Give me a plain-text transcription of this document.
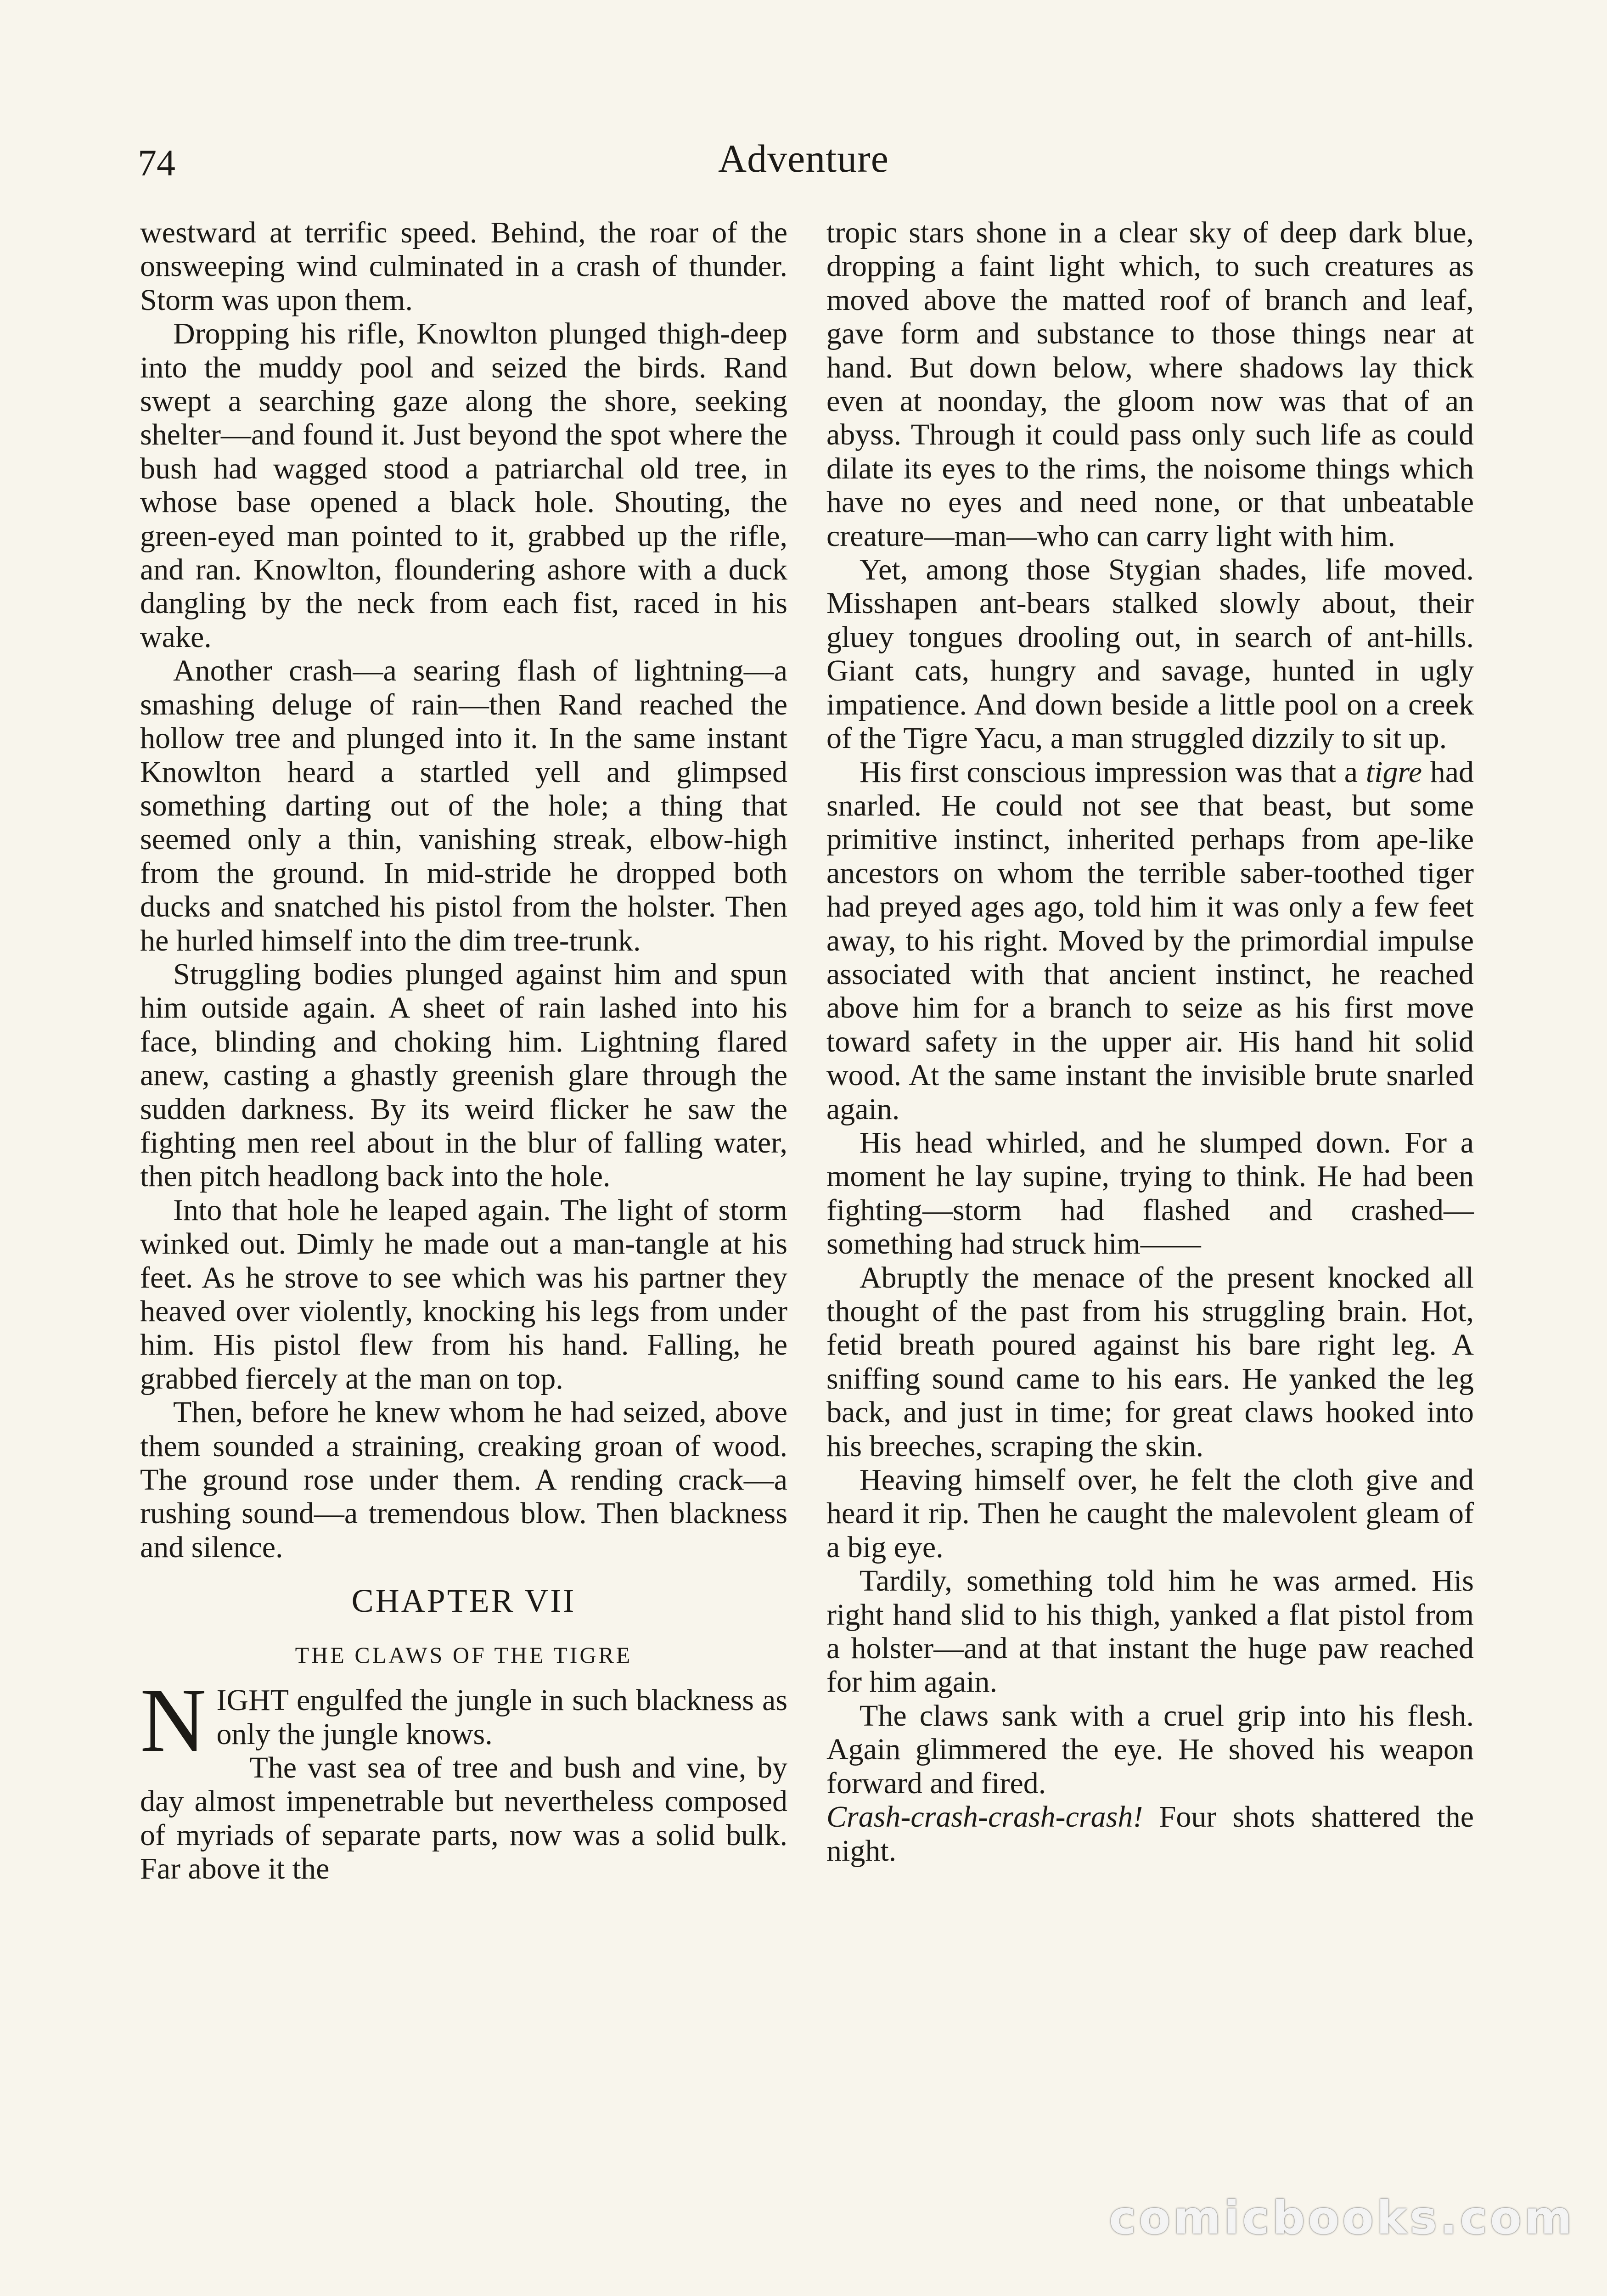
74	Adventure

westward at terrific speed. Behind, the roar of the onsweeping wind culminated in a crash of thunder. Storm was upon them.

Dropping his rifle, Knowlton plunged thigh-deep into the muddy pool and seized the birds. Rand swept a searching gaze along the shore, seeking shelter—and found it. Just beyond the spot where the bush had wagged stood a patriarchal old tree, in whose base opened a black hole. Shouting, the green-eyed man pointed to it, grabbed up the rifle, and ran. Knowlton, floundering ashore with a duck dangling by the neck from each fist, raced in his wake.

Another crash—a searing flash of lightning—a smashing deluge of rain—then Rand reached the hollow tree and plunged into it. In the same instant Knowlton heard a startled yell and glimpsed something darting out of the hole; a thing that seemed only a thin, vanishing streak, elbow-high from the ground. In mid-stride he dropped both ducks and snatched his pistol from the holster. Then he hurled himself into the dim tree-trunk.

Struggling bodies plunged against him and spun him outside again. A sheet of rain lashed into his face, blinding and choking him. Lightning flared anew, casting a ghastly greenish glare through the sudden darkness. By its weird flicker he saw the fighting men reel about in the blur of falling water, then pitch headlong back into the hole.

Into that hole he leaped again. The light of storm winked out. Dimly he made out a man-tangle at his feet. As he strove to see which was his partner they heaved over violently, knocking his legs from under him. His pistol flew from his hand. Falling, he grabbed fiercely at the man on top.

Then, before he knew whom he had seized, above them sounded a straining, creaking groan of wood. The ground rose under them. A rending crack—a rushing sound—a tremendous blow. Then blackness and silence.

CHAPTER VII
THE CLAWS OF THE TIGRE

NIGHT engulfed the jungle in such blackness as only the jungle knows.

The vast sea of tree and bush and vine, by day almost impenetrable but nevertheless composed of myriads of separate parts, now was a solid bulk. Far above it the

tropic stars shone in a clear sky of deep dark blue, dropping a faint light which, to such creatures as moved above the matted roof of branch and leaf, gave form and substance to those things near at hand. But down below, where shadows lay thick even at noonday, the gloom now was that of an abyss. Through it could pass only such life as could dilate its eyes to the rims, the noisome things which have no eyes and need none, or that unbeatable creature—man—who can carry light with him.

Yet, among those Stygian shades, life moved. Misshapen ant-bears stalked slowly about, their gluey tongues drooling out, in search of ant-hills. Giant cats, hungry and savage, hunted in ugly impatience. And down beside a little pool on a creek of the Tigre Yacu, a man struggled dizzily to sit up.

His first conscious impression was that a tigre had snarled. He could not see that beast, but some primitive instinct, inherited perhaps from ape-like ancestors on whom the terrible saber-toothed tiger had preyed ages ago, told him it was only a few feet away, to his right. Moved by the primordial impulse associated with that ancient instinct, he reached above him for a branch to seize as his first move toward safety in the upper air. His hand hit solid wood. At the same instant the invisible brute snarled again.

His head whirled, and he slumped down. For a moment he lay supine, trying to think. He had been fighting—storm had flashed and crashed—something had struck him——

Abruptly the menace of the present knocked all thought of the past from his struggling brain. Hot, fetid breath poured against his bare right leg. A sniffing sound came to his ears. He yanked the leg back, and just in time; for great claws hooked into his breeches, scraping the skin.

Heaving himself over, he felt the cloth give and heard it rip. Then he caught the malevolent gleam of a big eye.

Tardily, something told him he was armed. His right hand slid to his thigh, yanked a flat pistol from a holster—and at that instant the huge paw reached for him again.

The claws sank with a cruel grip into his flesh. Again glimmered the eye. He shoved his weapon forward and fired.

Crash-crash-crash-crash! Four shots shattered the night.

comicbooks.com
